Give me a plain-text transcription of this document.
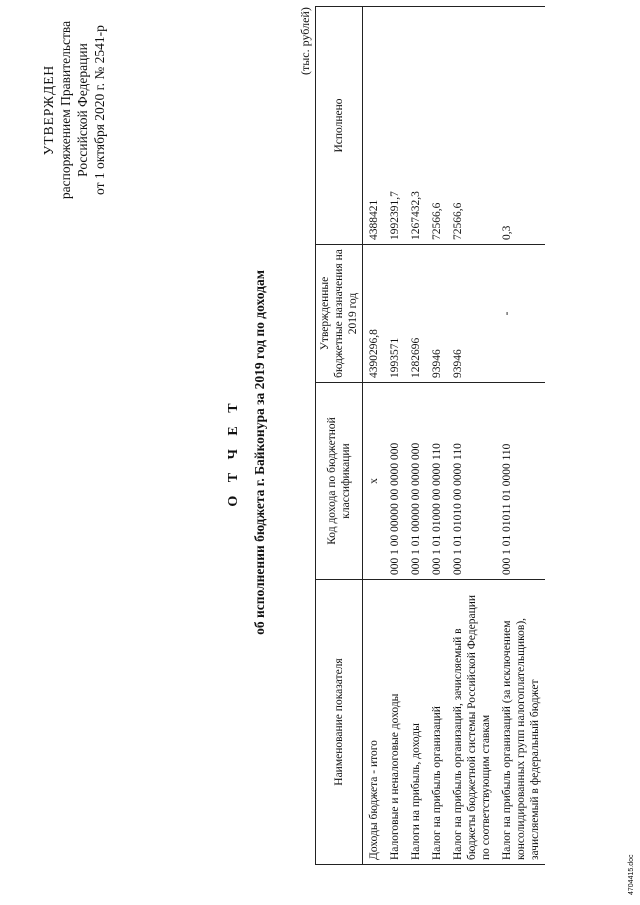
УТВЕРЖДЕН распоряжением Правительства Российской Федерации от 1 октября 2020 г. № 2541-р
О Т Ч Е Т об исполнении бюджета г. Байконура за 2019 год по доходам
(тыс. рублей)
Наименование показателя	Код дохода по бюджетной классификации	Утвержденные бюджетные назначения на 2019 год	Исполнено
Доходы бюджета - итого	x	4390296,8	4388421
Налоговые и неналоговые доходы	000 1 00 00000 00 0000 000	1993571	1992391,7
Налоги на прибыль, доходы	000 1 01 00000 00 0000 000	1282696	1267432,3
Налог на прибыль организаций	000 1 01 01000 00 0000 110	93946	72566,6
Налог на прибыль организаций, зачисляемый в бюджеты бюджетной системы Российской Федерации по соответствующим ставкам	000 1 01 01010 00 0000 110	93946	72566,6
Налог на прибыль организаций (за исключением консолидированных групп налогоплательщиков), зачисляемый в федеральный бюджет	000 1 01 01011 01 0000 110	-	0,3
4704415.doc
